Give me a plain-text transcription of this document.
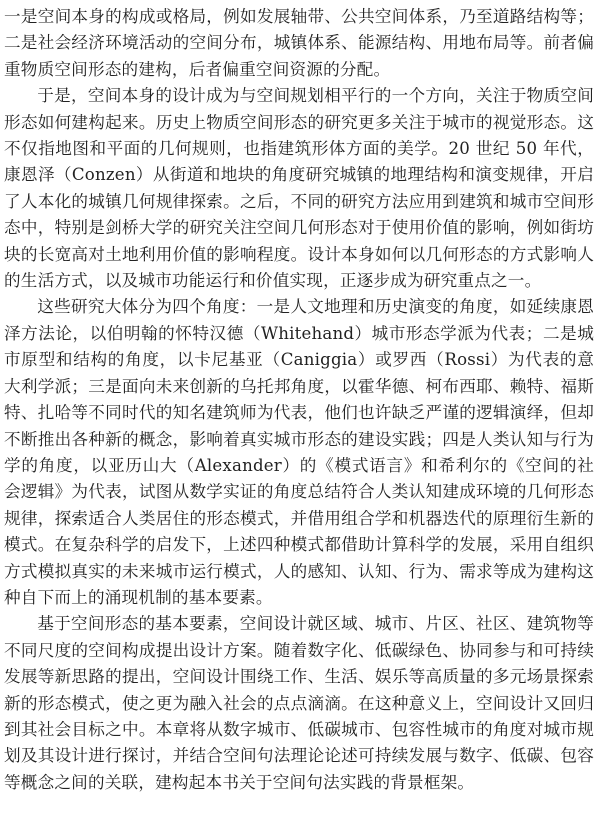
一是空间本身的构成或格局，例如发展轴带、公共空间体系，乃至道路结构等；二是社会经济环境活动的空间分布，城镇体系、能源结构、用地布局等。前者偏重物质空间形态的建构，后者偏重空间资源的分配。

于是，空间本身的设计成为与空间规划相平行的一个方向，关注于物质空间形态如何建构起来。历史上物质空间形态的研究更多关注于城市的视觉形态。这不仅指地图和平面的几何规则，也指建筑形体方面的美学。20 世纪 50 年代，康恩泽（Conzen）从街道和地块的角度研究城镇的地理结构和演变规律，开启了人本化的城镇几何规律探索。之后，不同的研究方法应用到建筑和城市空间形态中，特别是剑桥大学的研究关注空间几何形态对于使用价值的影响，例如街坊块的长宽高对土地利用价值的影响程度。设计本身如何以几何形态的方式影响人的生活方式，以及城市功能运行和价值实现，正逐步成为研究重点之一。

这些研究大体分为四个角度：一是人文地理和历史演变的角度，如延续康恩泽方法论，以伯明翰的怀特汉德（Whitehand）城市形态学派为代表；二是城市原型和结构的角度，以卡尼基亚（Caniggia）或罗西（Rossi）为代表的意大利学派；三是面向未来创新的乌托邦角度，以霍华德、柯布西耶、赖特、福斯特、扎哈等不同时代的知名建筑师为代表，他们也许缺乏严谨的逻辑演绎，但却不断推出各种新的概念，影响着真实城市形态的建设实践；四是人类认知与行为学的角度，以亚历山大（Alexander）的《模式语言》和希利尔的《空间的社会逻辑》为代表，试图从数学实证的角度总结符合人类认知建成环境的几何形态规律，探索适合人类居住的形态模式，并借用组合学和机器迭代的原理衍生新的模式。在复杂科学的启发下，上述四种模式都借助计算科学的发展，采用自组织方式模拟真实的未来城市运行模式，人的感知、认知、行为、需求等成为建构这种自下而上的涌现机制的基本要素。

基于空间形态的基本要素，空间设计就区域、城市、片区、社区、建筑物等不同尺度的空间构成提出设计方案。随着数字化、低碳绿色、协同参与和可持续发展等新思路的提出，空间设计围绕工作、生活、娱乐等高质量的多元场景探索新的形态模式，使之更为融入社会的点点滴滴。在这种意义上，空间设计又回归到其社会目标之中。本章将从数字城市、低碳城市、包容性城市的角度对城市规划及其设计进行探讨，并结合空间句法理论论述可持续发展与数字、低碳、包容等概念之间的关联，建构起本书关于空间句法实践的背景框架。
